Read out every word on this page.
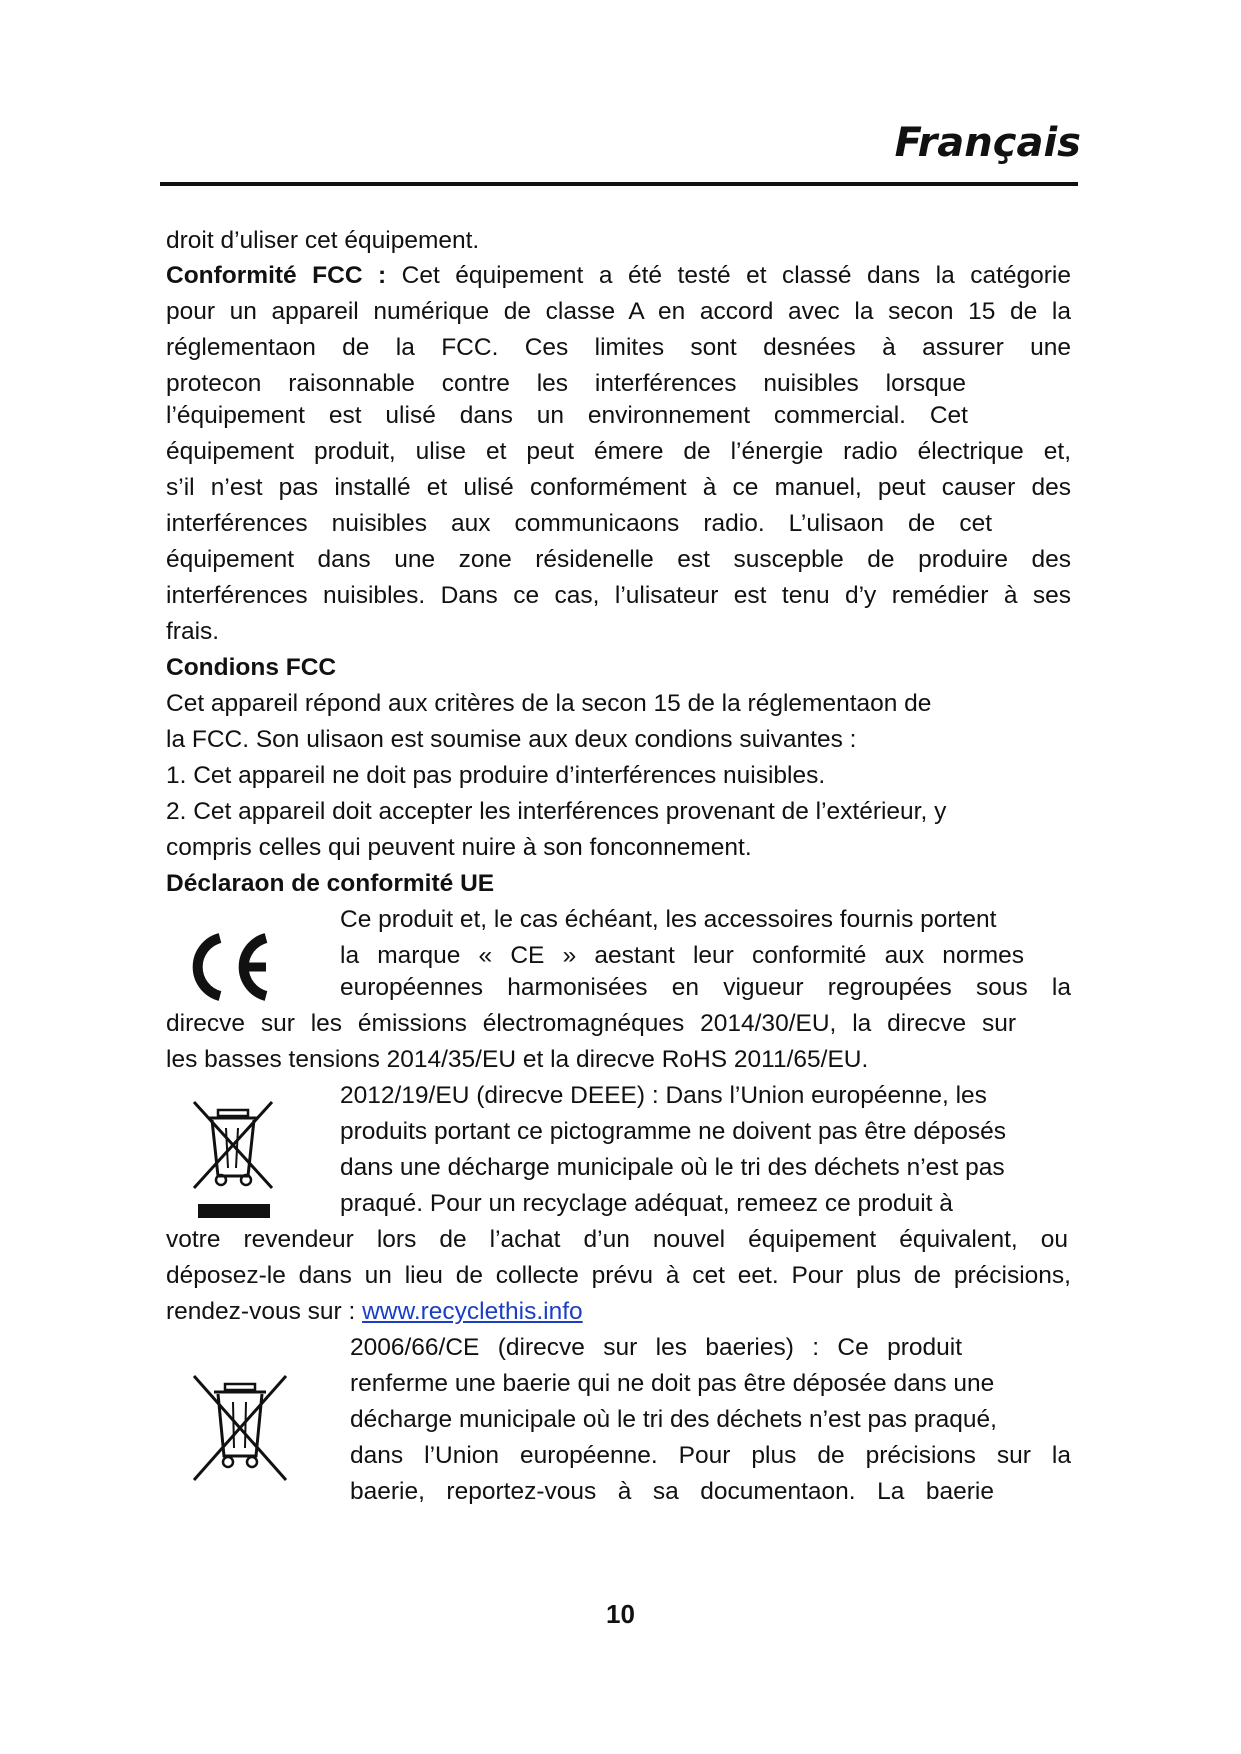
Français
droit d’uliser cet équipement.
Conformité FCC : Cet équipement a été testé et classé dans la catégorie
pour un appareil numérique de classe A en accord avec la secon 15 de la
réglementaon de la FCC. Ces limites sont desnées à assurer une
protecon raisonnable contre les interférences nuisibles lorsque
l’équipement est ulisé dans un environnement commercial. Cet
équipement produit, ulise et peut émere de l’énergie radio électrique et,
s’il n’est pas installé et ulisé conformément à ce manuel, peut causer des
interférences nuisibles aux communicaons radio. L’ulisaon de cet
équipement dans une zone résidenelle est suscepble de produire des
interférences nuisibles. Dans ce cas, l’ulisateur est tenu d’y remédier à ses
frais.
Condions FCC
Cet appareil répond aux critères de la secon 15 de la réglementaon de
la FCC. Son ulisaon est soumise aux deux condions suivantes :
1. Cet appareil ne doit pas produire d’interférences nuisibles.
2. Cet appareil doit accepter les interférences provenant de l’extérieur, y
compris celles qui peuvent nuire à son fonconnement.
Déclaraon de conformité UE
Ce produit et, le cas échéant, les accessoires fournis portent
la marque « CE » aestant leur conformité aux normes
européennes harmonisées en vigueur regroupées sous la
direcve sur les émissions électromagnéques 2014/30/EU, la direcve sur
les basses tensions 2014/35/EU et la direcve RoHS 2011/65/EU.
2012/19/EU (direcve DEEE) : Dans l’Union européenne, les
produits portant ce pictogramme ne doivent pas être déposés
dans une décharge municipale où le tri des déchets n’est pas
praqué. Pour un recyclage adéquat, remeez ce produit à
votre revendeur lors de l’achat d’un nouvel équipement équivalent, ou
déposez-le dans un lieu de collecte prévu à cet eet. Pour plus de précisions,
rendez-vous sur : www.recyclethis.info
2006/66/CE (direcve sur les baeries) : Ce produit
renferme une baerie qui ne doit pas être déposée dans une
décharge municipale où le tri des déchets n’est pas praqué,
dans l’Union européenne. Pour plus de précisions sur la
baerie, reportez-vous à sa documentaon. La baerie
10
